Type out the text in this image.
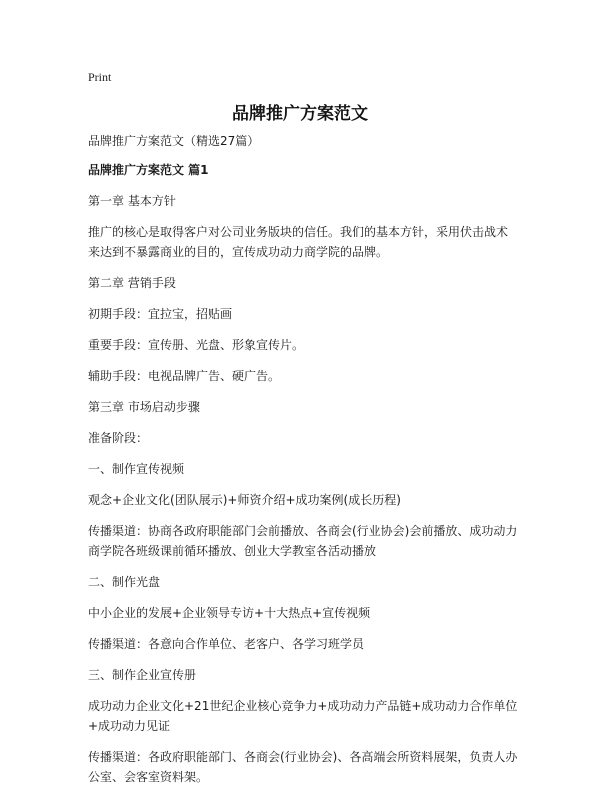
Print
品牌推广方案范文

品牌推广方案范文（精选27篇）

品牌推广方案范文 篇1

第一章 基本方针

推广的核心是取得客户对公司业务版块的信任。我们的基本方针，采用伏击战术来达到不暴露商业的目的，宣传成功动力商学院的品牌。

第二章 营销手段

初期手段：宜拉宝，招贴画

重要手段：宣传册、光盘、形象宣传片。

辅助手段：电视品牌广告、硬广告。

第三章 市场启动步骤

准备阶段：

一、制作宣传视频

观念+企业文化(团队展示)+师资介绍+成功案例(成长历程)

传播渠道：协商各政府职能部门会前播放、各商会(行业协会)会前播放、成功动力商学院各班级课前循环播放、创业大学教室各活动播放

二、制作光盘

中小企业的发展+企业领导专访+十大热点+宣传视频

传播渠道：各意向合作单位、老客户、各学习班学员

三、制作企业宣传册

成功动力企业文化+21世纪企业核心竞争力+成功动力产品链+成功动力合作单位+成功动力见证

传播渠道：各政府职能部门、各商会(行业协会)、各高端会所资料展架，负责人办公室、会客室资料架。
